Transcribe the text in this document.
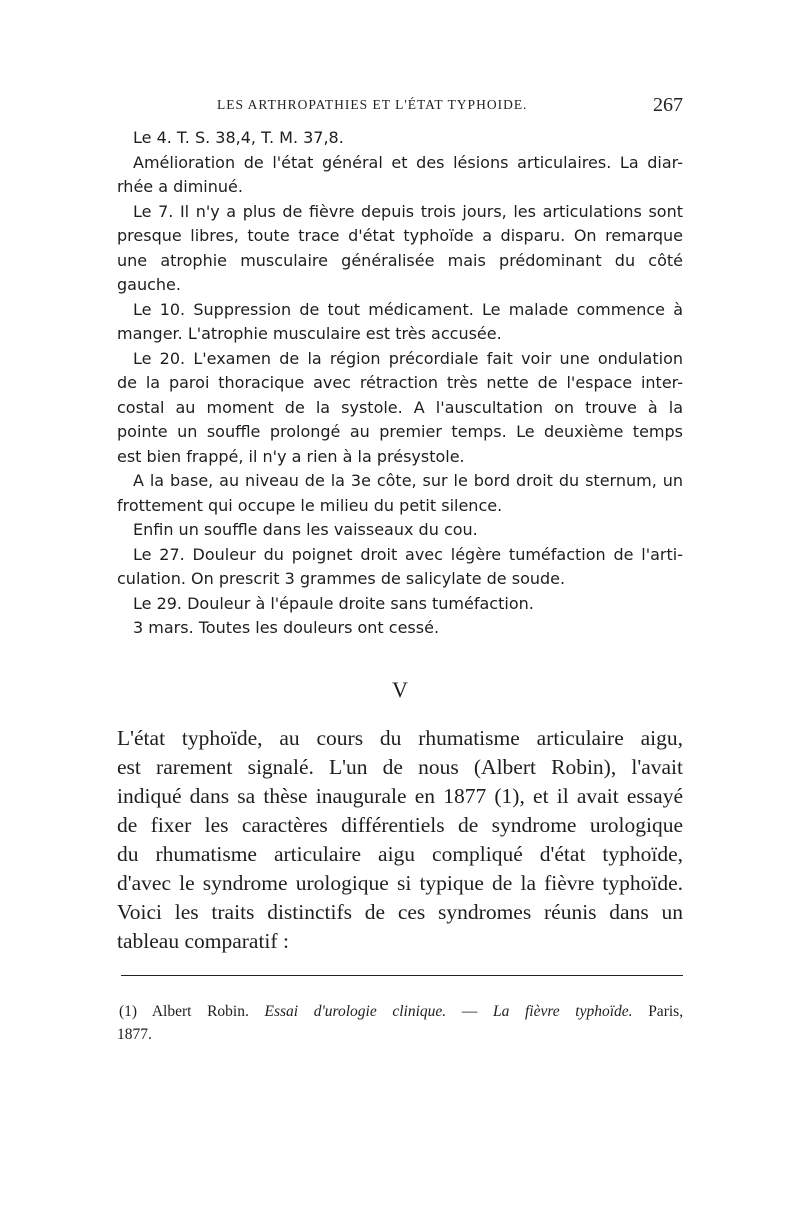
LES ARTHROPATHIES ET L'ÉTAT TYPHOIDE.	267

Le 4. T. S. 38,4, T. M. 37,8.

Amélioration de l'état général et des lésions articulaires. La diar-
rhée a diminué.

Le 7. Il n'y a plus de fièvre depuis trois jours, les articulations sont
presque libres, toute trace d'état typhoïde a disparu. On remarque
une atrophie musculaire généralisée mais prédominant du côté
gauche.

Le 10. Suppression de tout médicament. Le malade commence à
manger. L'atrophie musculaire est très accusée.

Le 20. L'examen de la région précordiale fait voir une ondulation
de la paroi thoracique avec rétraction très nette de l'espace inter-
costal au moment de la systole. A l'auscultation on trouve à la
pointe un souffle prolongé au premier temps. Le deuxième temps
est bien frappé, il n'y a rien à la présystole.

A la base, au niveau de la 3e côte, sur le bord droit du sternum, un
frottement qui occupe le milieu du petit silence.

Enfin un souffle dans les vaisseaux du cou.

Le 27. Douleur du poignet droit avec légère tuméfaction de l'arti-
culation. On prescrit 3 grammes de salicylate de soude.

Le 29. Douleur à l'épaule droite sans tuméfaction.

3 mars. Toutes les douleurs ont cessé.

V
L'état typhoïde, au cours du rhumatisme articulaire aigu,
est rarement signalé. L'un de nous (Albert Robin), l'avait
indiqué dans sa thèse inaugurale en 1877 (1), et il avait essayé
de fixer les caractères différentiels de syndrome urologique
du rhumatisme articulaire aigu compliqué d'état typhoïde,
d'avec le syndrome urologique si typique de la fièvre typhoïde.
Voici les traits distinctifs de ces syndromes réunis dans un
tableau comparatif :
(1) Albert Robin. Essai d'urologie clinique. — La fièvre typhoïde. Paris,
1877.
